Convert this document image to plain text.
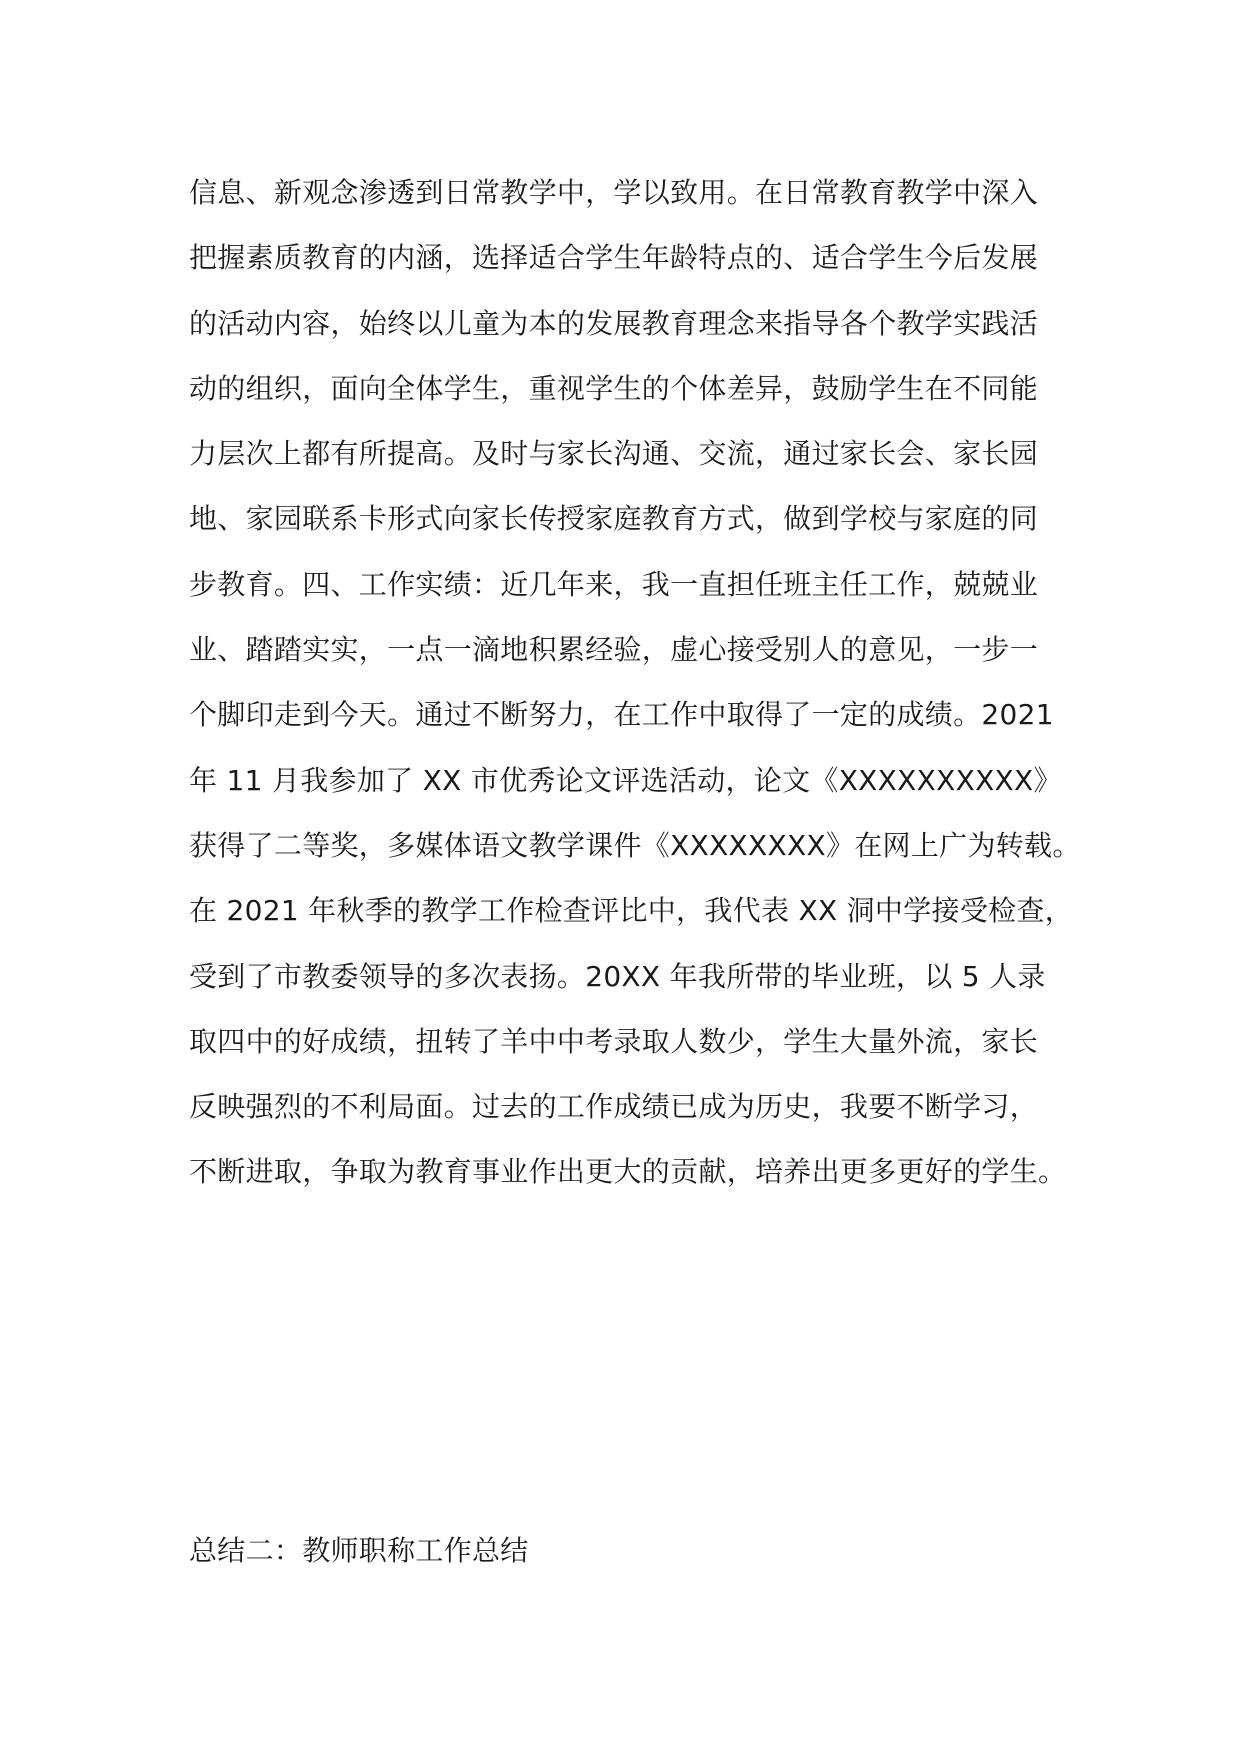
信息、新观念渗透到日常教学中，学以致用。在日常教育教学中深入
把握素质教育的内涵，选择适合学生年龄特点的、适合学生今后发展
的活动内容，始终以儿童为本的发展教育理念来指导各个教学实践活
动的组织，面向全体学生，重视学生的个体差异，鼓励学生在不同能
力层次上都有所提高。及时与家长沟通、交流，通过家长会、家长园
地、家园联系卡形式向家长传授家庭教育方式，做到学校与家庭的同
步教育。四、工作实绩：近几年来，我一直担任班主任工作，兢兢业
业、踏踏实实，一点一滴地积累经验，虚心接受别人的意见，一步一
个脚印走到今天。通过不断努力，在工作中取得了一定的成绩。2021
年 11 月我参加了 XX 市优秀论文评选活动，论文《XXXXXXXXXX》
获得了二等奖，多媒体语文教学课件《XXXXXXXX》在网上广为转载。
在 2021 年秋季的教学工作检查评比中，我代表 XX 洞中学接受检查，
受到了市教委领导的多次表扬。20XX 年我所带的毕业班，以 5 人录
取四中的好成绩，扭转了羊中中考录取人数少，学生大量外流，家长
反映强烈的不利局面。过去的工作成绩已成为历史，我要不断学习，
不断进取，争取为教育事业作出更大的贡献，培养出更多更好的学生。
总结二：教师职称工作总结
